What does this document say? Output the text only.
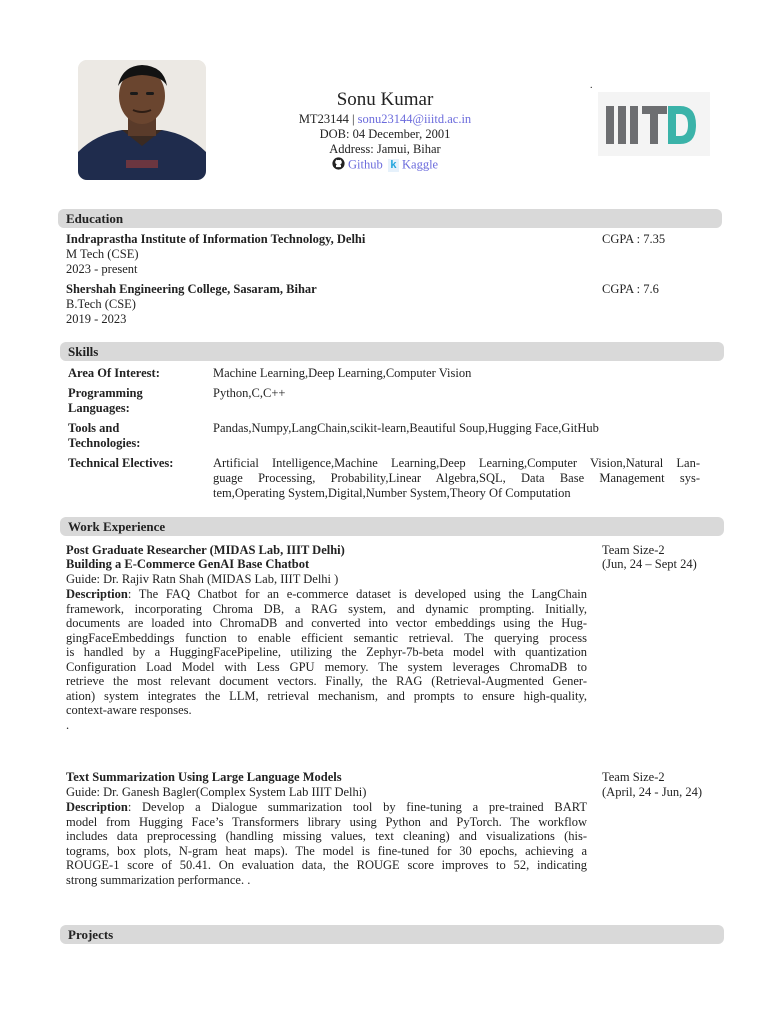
Sonu Kumar

MT23144 | sonu23144@iiitd.ac.in

DOB: 04 December, 2001

Address: Jamui, Bihar

Github k Kaggle

.
Education

Indraprastha Institute of Information Technology, Delhi	CGPA : 7.35

M Tech (CSE)

2023 - present

Shershah Engineering College, Sasaram, Bihar	CGPA : 7.6

B.Tech (CSE)

2019 - 2023

Skills

Area Of Interest:	Machine Learning,Deep Learning,Computer Vision

Programming

Languages:

Python,C,C++

Tools and

Technologies:

Pandas,Numpy,LangChain,scikit-learn,Beautiful Soup,Hugging Face,GitHub

Technical Electives:	Artificial Intelligence,Machine Learning,Deep Learning,Computer Vision,Natural Lan-

guage Processing, Probability,Linear Algebra,SQL, Data Base Management sys-

tem,Operating System,Digital,Number System,Theory Of Computation

Work Experience

Post Graduate Researcher (MIDAS Lab, IIIT Delhi)

Building a E-Commerce GenAI Base Chatbot

Guide: Dr. Rajiv Ratn Shah (MIDAS Lab, IIIT Delhi )

Team Size-2

(Jun, 24 – Sept 24)

Description: The FAQ Chatbot for an e-commerce dataset is developed using the LangChain

framework, incorporating Chroma DB, a RAG system, and dynamic prompting. Initially,

documents are loaded into ChromaDB and converted into vector embeddings using the Hug-

gingFaceEmbeddings function to enable efficient semantic retrieval. The querying process

is handled by a HuggingFacePipeline, utilizing the Zephyr-7b-beta model with quantization

Configuration Load Model with Less GPU memory. The system leverages ChromaDB to

retrieve the most relevant document vectors. Finally, the RAG (Retrieval-Augmented Gener-

ation) system integrates the LLM, retrieval mechanism, and prompts to ensure high-quality,

context-aware responses.

.

Text Summarization Using Large Language Models

Guide: Dr. Ganesh Bagler(Complex System Lab IIIT Delhi)

Team Size-2

(April, 24 - Jun, 24)

Description: Develop a Dialogue summarization tool by fine-tuning a pre-trained BART

model from Hugging Face’s Transformers library using Python and PyTorch. The workflow

includes data preprocessing (handling missing values, text cleaning) and visualizations (his-

tograms, box plots, N-gram heat maps). The model is fine-tuned for 30 epochs, achieving a

ROUGE-1 score of 50.41. On evaluation data, the ROUGE score improves to 52, indicating

strong summarization performance. .

Projects
